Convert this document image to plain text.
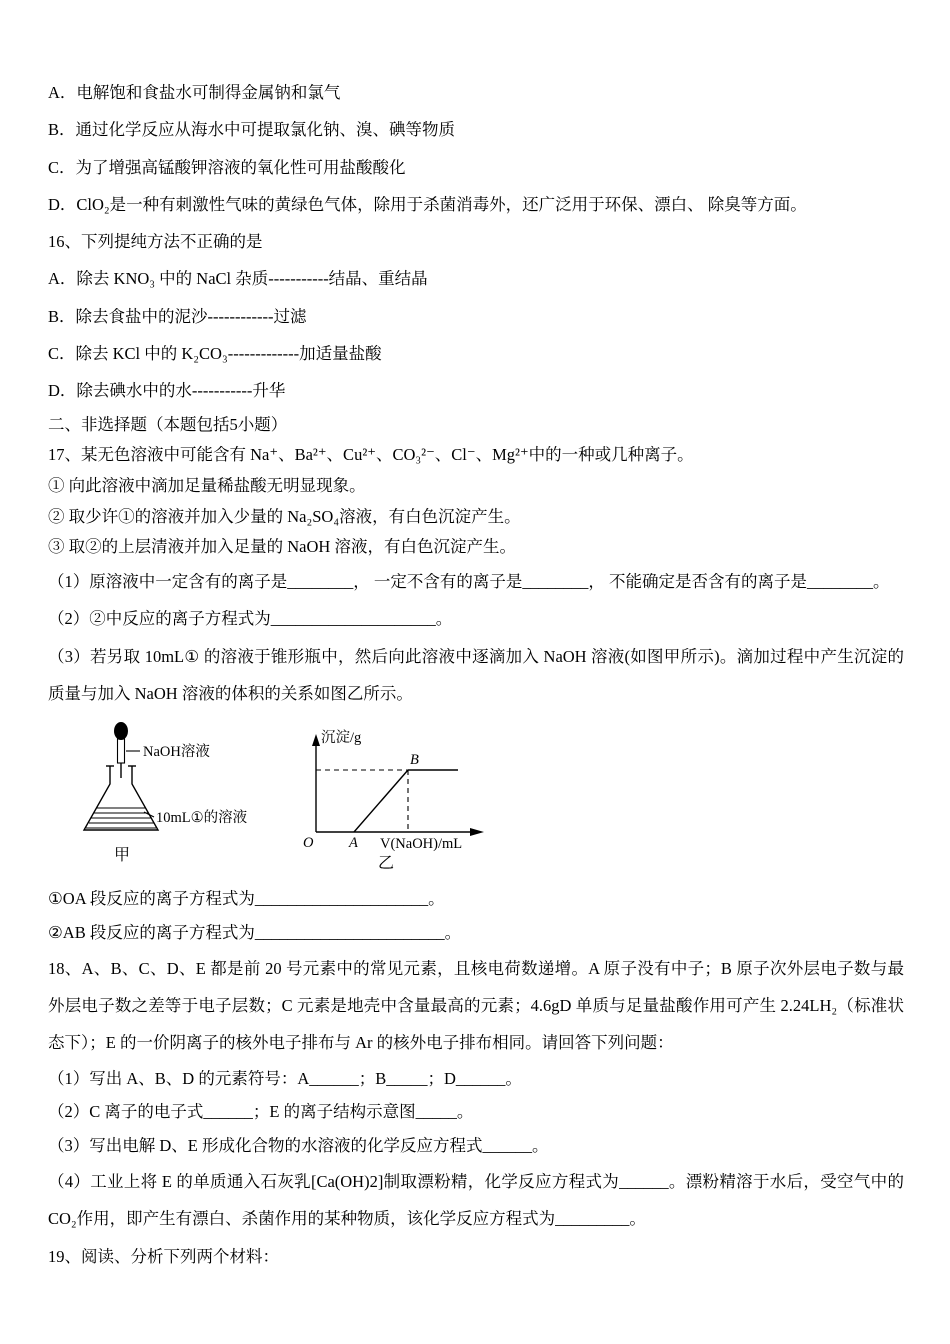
A．电解饱和食盐水可制得金属钠和氯气

B．通过化学反应从海水中可提取氯化钠、溴、碘等物质

C．为了增强高锰酸钾溶液的氧化性可用盐酸酸化

D．ClO₂是一种有刺激性气味的黄绿色气体，除用于杀菌消毒外，还广泛用于环保、漂白、 除臭等方面。

16、下列提纯方法不正确的是

A．除去 KNO₃ 中的 NaCl 杂质-----------结晶、重结晶

B．除去食盐中的泥沙------------过滤

C．除去 KCl 中的 K₂CO₃-------------加适量盐酸

D．除去碘水中的水-----------升华

二、非选择题（本题包括5小题）

17、某无色溶液中可能含有 Na⁺、Ba²⁺、Cu²⁺、CO₃²⁻、Cl⁻、Mg²⁺中的一种或几种离子。

① 向此溶液中滴加足量稀盐酸无明显现象。

② 取少许①的溶液并加入少量的 Na₂SO₄溶液，有白色沉淀产生。

③ 取②的上层清液并加入足量的 NaOH 溶液，有白色沉淀产生。

（1）原溶液中一定含有的离子是________， 一定不含有的离子是________， 不能确定是否含有的离子是________。

（2）②中反应的离子方程式为____________________。

（3）若另取 10mL① 的溶液于锥形瓶中，然后向此溶液中逐滴加入 NaOH 溶液(如图甲所示)。滴加过程中产生沉淀的质量与加入 NaOH 溶液的体积的关系如图乙所示。

NaOH溶液
10mL①的溶液
甲
沉淀/g
B
O A V(NaOH)/mL
乙

①OA 段反应的离子方程式为_____________________。

②AB 段反应的离子方程式为_______________________。

18、A、B、C、D、E 都是前 20 号元素中的常见元素，且核电荷数递增。A 原子没有中子；B 原子次外层电子数与最外层电子数之差等于电子层数；C 元素是地壳中含量最高的元素；4.6gD 单质与足量盐酸作用可产生 2.24LH₂（标准状态下）；E 的一价阴离子的核外电子排布与 Ar 的核外电子排布相同。请回答下列问题：

（1）写出 A、B、D 的元素符号：A______；B_____；D______。

（2）C 离子的电子式______；E 的离子结构示意图_____。

（3）写出电解 D、E 形成化合物的水溶液的化学反应方程式______。

（4）工业上将 E 的单质通入石灰乳[Ca(OH)2]制取漂粉精，化学反应方程式为______。漂粉精溶于水后，受空气中的CO₂作用，即产生有漂白、杀菌作用的某种物质，该化学反应方程式为_________。

19、阅读、分析下列两个材料：
